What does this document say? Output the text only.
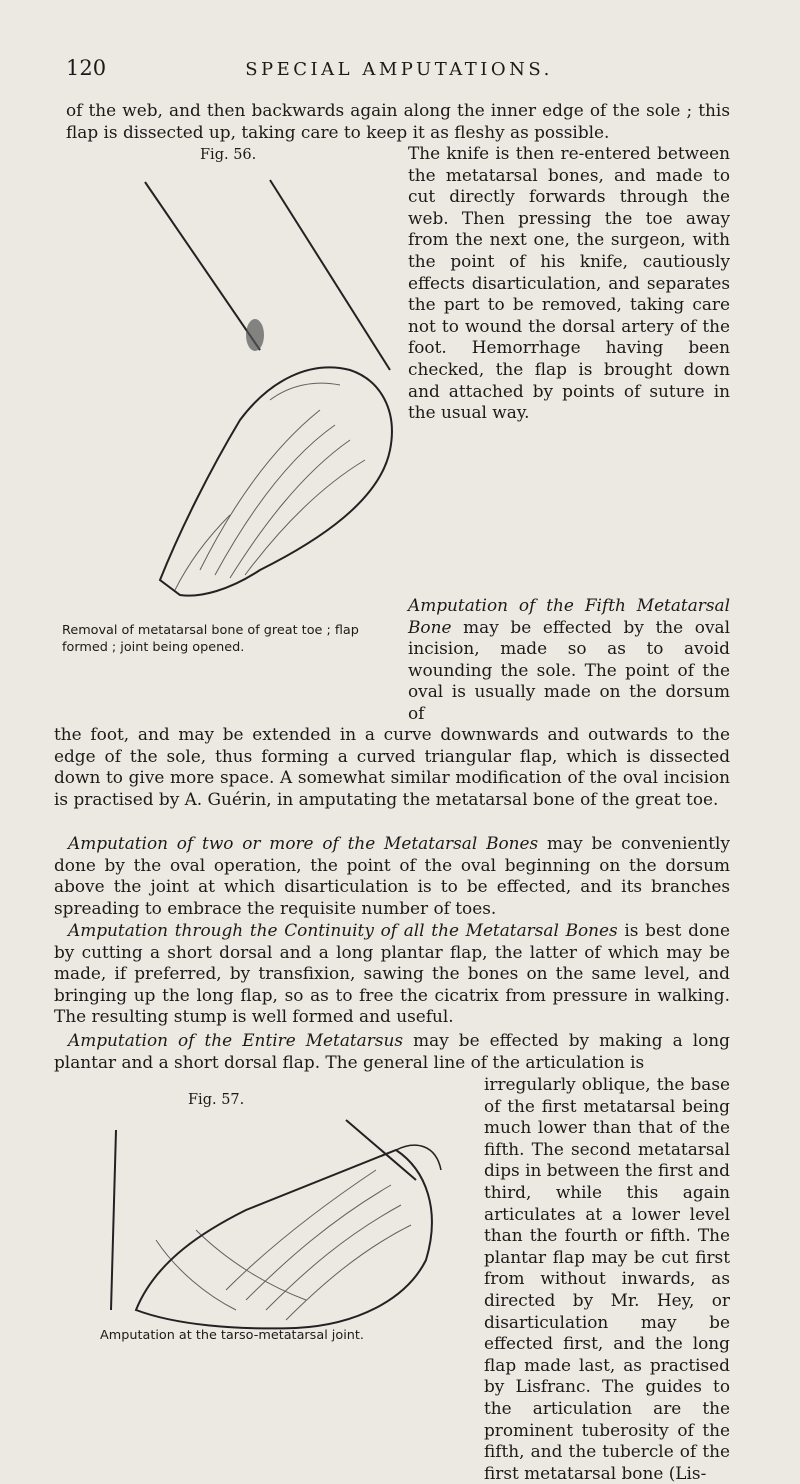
120	SPECIAL AMPUTATIONS.

of the web, and then backwards again along the inner edge of the sole ; this flap is dissected up, taking care to keep it as fleshy as possible.

Fig. 56.
Removal of metatarsal bone of great toe ; flap
formed ; joint being opened.

The knife is then re-entered between the metatarsal bones, and made to cut directly forwards through the web. Then pressing the toe away from the next one, the surgeon, with the point of his knife, cautiously effects disarticulation, and separates the part to be removed, taking care not to wound the dorsal artery of the foot. Hemorrhage having been checked, the flap is brought down and attached by points of suture in the usual way.

Amputation of the Fifth Metatarsal Bone may be effected by the oval incision, made so as to avoid wounding the sole. The point of the oval is usually made on the dorsum of

the foot, and may be extended in a curve downwards and outwards to the edge of the sole, thus forming a curved triangular flap, which is dissected down to give more space. A somewhat similar modification of the oval incision is practised by A. Guérin, in amputating the metatarsal bone of the great toe.

Amputation of two or more of the Metatarsal Bones may be conveniently done by the oval operation, the point of the oval beginning on the dorsum above the joint at which disarticulation is to be effected, and its branches spreading to embrace the requisite number of toes.

Amputation through the Continuity of all the Metatarsal Bones is best done by cutting a short dorsal and a long plantar flap, the latter of which may be made, if preferred, by transfixion, sawing the bones on the same level, and bringing up the long flap, so as to free the cicatrix from pressure in walking. The resulting stump is well formed and useful.

Amputation of the Entire Metatarsus may be effected by making a long plantar and a short dorsal flap. The general line of the articulation is

Fig. 57.
Amputation at the tarso-metatarsal joint.

irregularly oblique, the base of the first metatarsal being much lower than that of the fifth. The second metatarsal dips in between the first and third, while this again articulates at a lower level than the fourth or fifth. The plantar flap may be cut first from without inwards, as directed by Mr. Hey, or disarticulation may be effected first, and the long flap made last, as practised by Lisfranc. The guides to the articulation are the prominent tuberosity of the fifth, and the tubercle of the first metatarsal bone (Lis-
